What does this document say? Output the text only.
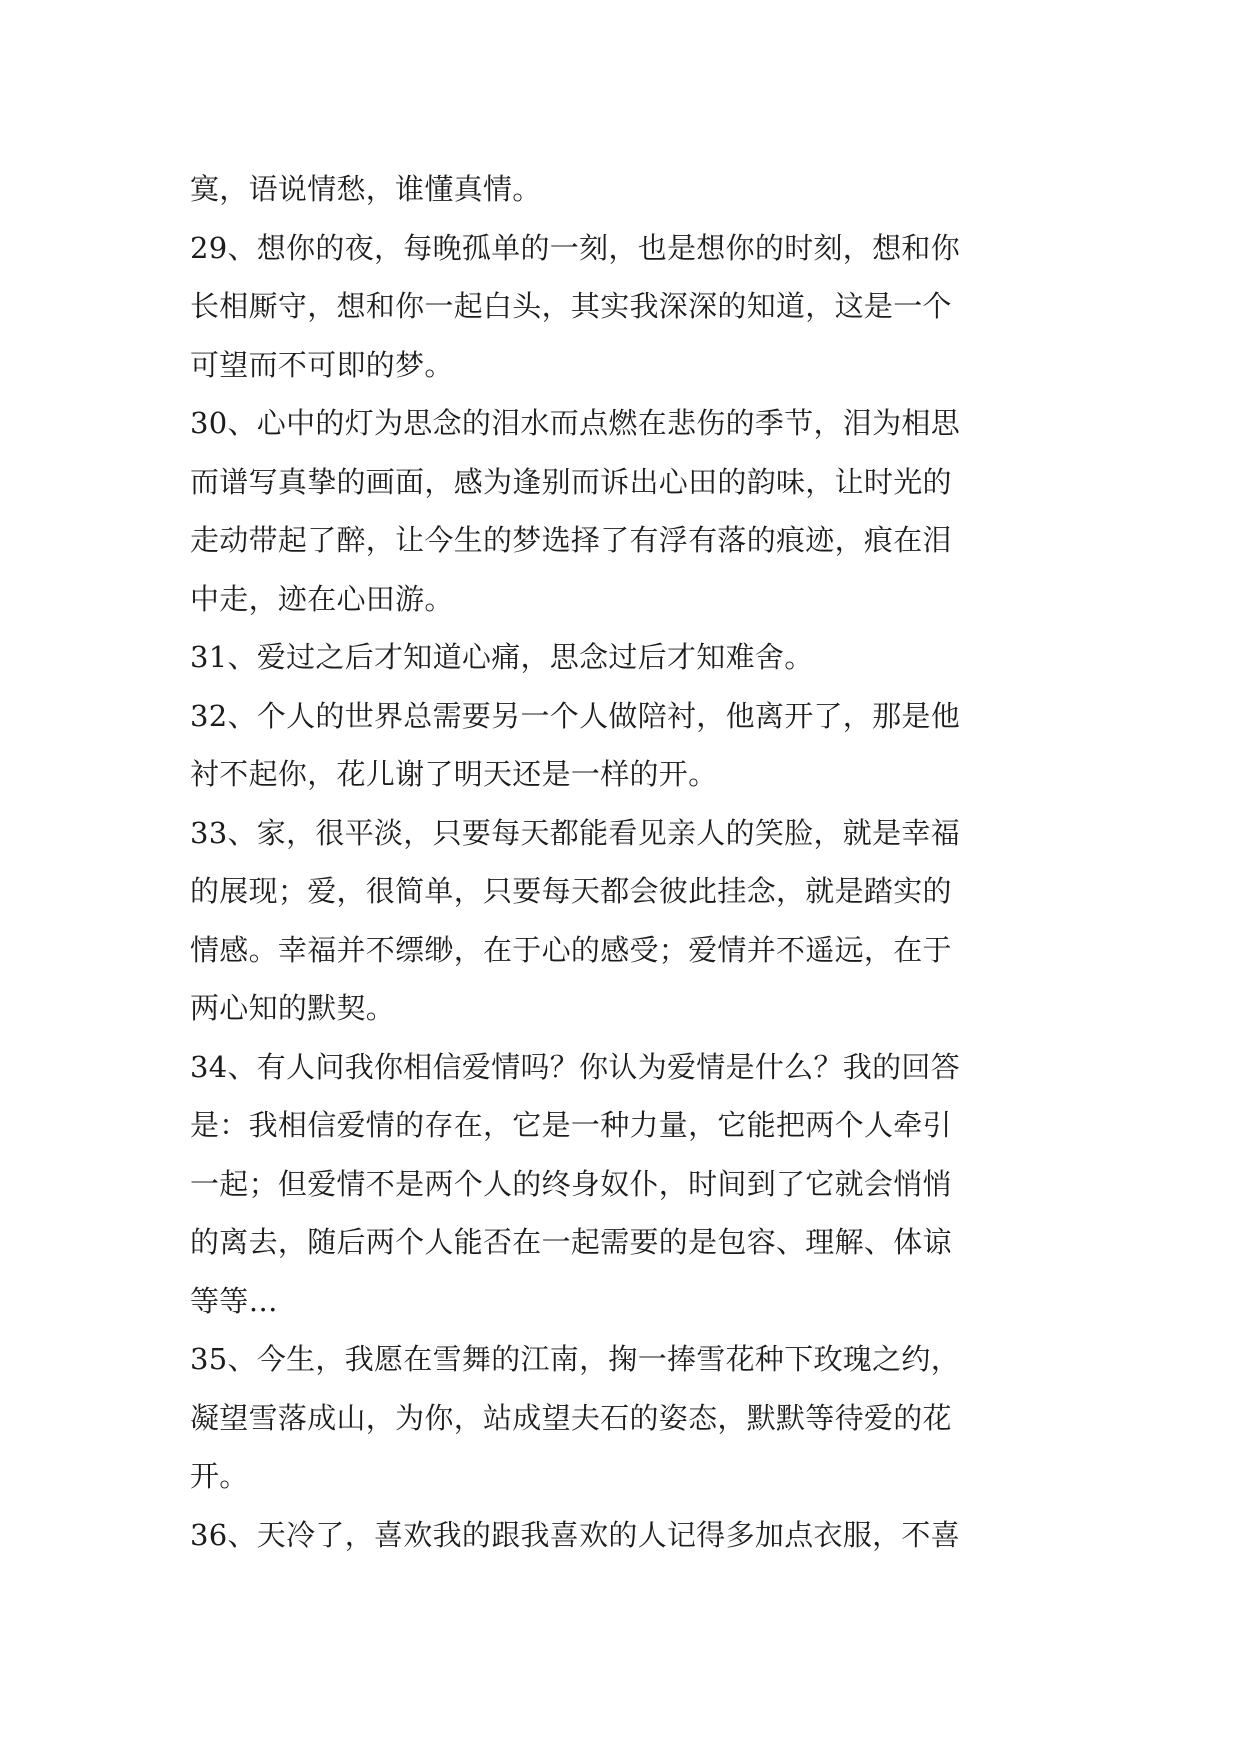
寞，语说情愁，谁懂真情。
29、想你的夜，每晚孤单的一刻，也是想你的时刻，想和你
长相厮守，想和你一起白头，其实我深深的知道，这是一个
可望而不可即的梦。
30、心中的灯为思念的泪水而点燃在悲伤的季节，泪为相思
而谱写真挚的画面，感为逢别而诉出心田的韵味，让时光的
走动带起了醉，让今生的梦选择了有浮有落的痕迹，痕在泪
中走，迹在心田游。
31、爱过之后才知道心痛，思念过后才知难舍。
32、个人的世界总需要另一个人做陪衬，他离开了，那是他
衬不起你，花儿谢了明天还是一样的开。
33、家，很平淡，只要每天都能看见亲人的笑脸，就是幸福
的展现；爱，很简单，只要每天都会彼此挂念，就是踏实的
情感。幸福并不缥缈，在于心的感受；爱情并不遥远，在于
两心知的默契。
34、有人问我你相信爱情吗？你认为爱情是什么？我的回答
是：我相信爱情的存在，它是一种力量，它能把两个人牵引
一起；但爱情不是两个人的终身奴仆，时间到了它就会悄悄
的离去，随后两个人能否在一起需要的是包容、理解、体谅
等等…
35、今生，我愿在雪舞的江南，掬一捧雪花种下玫瑰之约，
凝望雪落成山，为你，站成望夫石的姿态，默默等待爱的花
开。
36、天冷了，喜欢我的跟我喜欢的人记得多加点衣服，不喜
